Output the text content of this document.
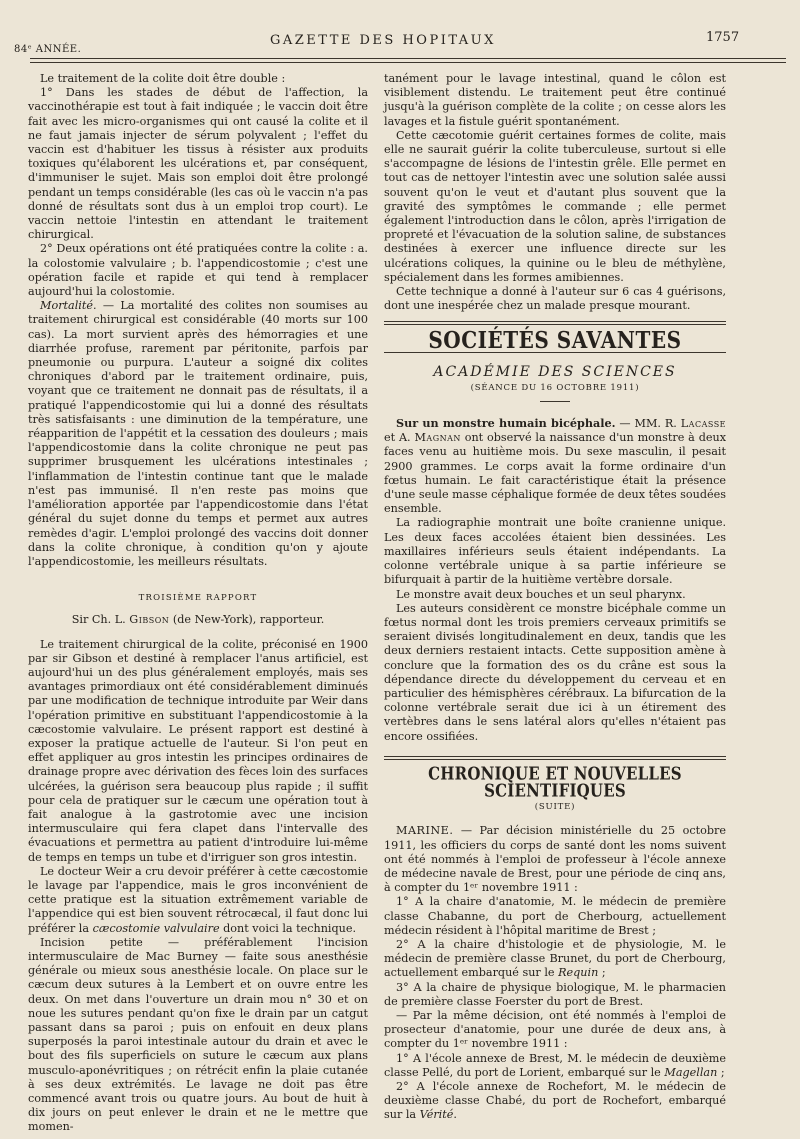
84ᵉ ANNÉE.
GAZETTE DES HOPITAUX	1757

Le traitement de la colite doit être double :

1° Dans les stades de début de l'affection, la vaccinothérapie est tout à fait indiquée ; le vaccin doit être fait avec les micro-organismes qui ont causé la colite et il ne faut jamais injecter de sérum polyvalent ; l'effet du vaccin est d'habituer les tissus à résister aux produits toxiques qu'élaborent les ulcérations et, par conséquent, d'immuniser le sujet. Mais son emploi doit être prolongé pendant un temps considérable (les cas où le vaccin n'a pas donné de résultats sont dus à un emploi trop court). Le vaccin nettoie l'intestin en attendant le traitement chirurgical.

2° Deux opérations ont été pratiquées contre la colite : a. la colostomie valvulaire ; b. l'appendicostomie ; c'est une opération facile et rapide et qui tend à remplacer aujourd'hui la colostomie.

Mortalité. — La mortalité des colites non soumises au traitement chirurgical est considérable (40 morts sur 100 cas). La mort survient après des hémorragies et une diarrhée profuse, rarement par péritonite, parfois par pneumonie ou purpura. L'auteur a soigné dix colites chroniques d'abord par le traitement ordinaire, puis, voyant que ce traitement ne donnait pas de résultats, il a pratiqué l'appendicostomie qui lui a donné des résultats très satisfaisants : une diminution de la température, une réapparition de l'appétit et la cessation des douleurs ; mais l'appendicostomie dans la colite chronique ne peut pas supprimer brusquement les ulcérations intestinales ; l'inflammation de l'intestin continue tant que le malade n'est pas immunisé. Il n'en reste pas moins que l'amélioration apportée par l'appendicostomie dans l'état général du sujet donne du temps et permet aux autres remèdes d'agir. L'emploi prolongé des vaccins doit donner dans la colite chronique, à condition qu'on y ajoute l'appendicostomie, les meilleurs résultats.

TROISIÈME RAPPORT

Sir Ch. L. Gibson (de New-York), rapporteur.

Le traitement chirurgical de la colite, préconisé en 1900 par sir Gibson et destiné à remplacer l'anus artificiel, est aujourd'hui un des plus généralement employés, mais ses avantages primordiaux ont été considérablement diminués par une modification de technique introduite par Weir dans l'opération primitive en substituant l'appendicostomie à la cæcostomie valvulaire. Le présent rapport est destiné à exposer la pratique actuelle de l'auteur. Si l'on peut en effet appliquer au gros intestin les principes ordinaires de drainage propre avec dérivation des fèces loin des surfaces ulcérées, la guérison sera beaucoup plus rapide ; il suffit pour cela de pratiquer sur le cæcum une opération tout à fait analogue à la gastrotomie avec une incision intermusculaire qui fera clapet dans l'intervalle des évacuations et permettra au patient d'introduire lui-même de temps en temps un tube et d'irriguer son gros intestin.

Le docteur Weir a cru devoir préférer à cette cæcostomie le lavage par l'appendice, mais le gros inconvénient de cette pratique est la situation extrêmement variable de l'appendice qui est bien souvent rétrocæcal, il faut donc lui préférer la cæcostomie valvulaire dont voici la technique.

Incision petite — préférablement l'incision intermusculaire de Mac Burney — faite sous anesthésie générale ou mieux sous anesthésie locale. On place sur le cæcum deux sutures à la Lembert et on ouvre entre les deux. On met dans l'ouverture un drain mou n° 30 et on noue les sutures pendant qu'on fixe le drain par un catgut passant dans sa paroi ; puis on enfouit en deux plans superposés la paroi intestinale autour du drain et avec le bout des fils superficiels on suture le cæcum aux plans musculo-aponévritiques ; on rétrécit enfin la plaie cutanée à ses deux extrémités. Le lavage ne doit pas être commencé avant trois ou quatre jours. Au bout de huit à dix jours on peut enlever le drain et ne le mettre que momen-

tanément pour le lavage intestinal, quand le côlon est visiblement distendu. Le traitement peut être continué jusqu'à la guérison complète de la colite ; on cesse alors les lavages et la fistule guérit spontanément.

Cette cæcotomie guérit certaines formes de colite, mais elle ne saurait guérir la colite tuberculeuse, surtout si elle s'accompagne de lésions de l'intestin grêle. Elle permet en tout cas de nettoyer l'intestin avec une solution salée aussi souvent qu'on le veut et d'autant plus souvent que la gravité des symptômes le commande ; elle permet également l'introduction dans le côlon, après l'irrigation de propreté et l'évacuation de la solution saline, de substances destinées à exercer une influence directe sur les ulcérations coliques, la quinine ou le bleu de méthylène, spécialement dans les formes amibiennes.

Cette technique a donné à l'auteur sur 6 cas 4 guérisons, dont une inespérée chez un malade presque mourant.

SOCIÉTÉS SAVANTES
ACADÉMIE DES SCIENCES
(SÉANCE DU 16 OCTOBRE 1911)

Sur un monstre humain bicéphale. — MM. R. Lacasse et A. Magnan ont observé la naissance d'un monstre à deux faces venu au huitième mois. Du sexe masculin, il pesait 2900 grammes. Le corps avait la forme ordinaire d'un fœtus humain. Le fait caractéristique était la présence d'une seule masse céphalique formée de deux têtes soudées ensemble.

La radiographie montrait une boîte cranienne unique. Les deux faces accolées étaient bien dessinées. Les maxillaires inférieurs seuls étaient indépendants. La colonne vertébrale unique à sa partie inférieure se bifurquait à partir de la huitième vertèbre dorsale.

Le monstre avait deux bouches et un seul pharynx.

Les auteurs considèrent ce monstre bicéphale comme un fœtus normal dont les trois premiers cerveaux primitifs se seraient divisés longitudinalement en deux, tandis que les deux derniers restaient intacts. Cette supposition amène à conclure que la formation des os du crâne est sous la dépendance directe du développement du cerveau et en particulier des hémisphères cérébraux. La bifurcation de la colonne vertébrale serait due ici à un étirement des vertèbres dans le sens latéral alors qu'elles n'étaient pas encore ossifiées.

CHRONIQUE ET NOUVELLES SCIENTIFIQUES
(SUITE)

MARINE. — Par décision ministérielle du 25 octobre 1911, les officiers du corps de santé dont les noms suivent ont été nommés à l'emploi de professeur à l'école annexe de médecine navale de Brest, pour une période de cinq ans, à compter du 1ᵉʳ novembre 1911 :

1° A la chaire d'anatomie, M. le médecin de première classe Chabanne, du port de Cherbourg, actuellement médecin résident à l'hôpital maritime de Brest ;

2° A la chaire d'histologie et de physiologie, M. le médecin de première classe Brunet, du port de Cherbourg, actuellement embarqué sur le Requin ;

3° A la chaire de physique biologique, M. le pharmacien de première classe Foerster du port de Brest.

— Par la même décision, ont été nommés à l'emploi de prosecteur d'anatomie, pour une durée de deux ans, à compter du 1ᵉʳ novembre 1911 :

1° A l'école annexe de Brest, M. le médecin de deuxième classe Pellé, du port de Lorient, embarqué sur le Magellan ;

2° A l'école annexe de Rochefort, M. le médecin de deuxième classe Chabé, du port de Rochefort, embarqué sur la Vérité.
